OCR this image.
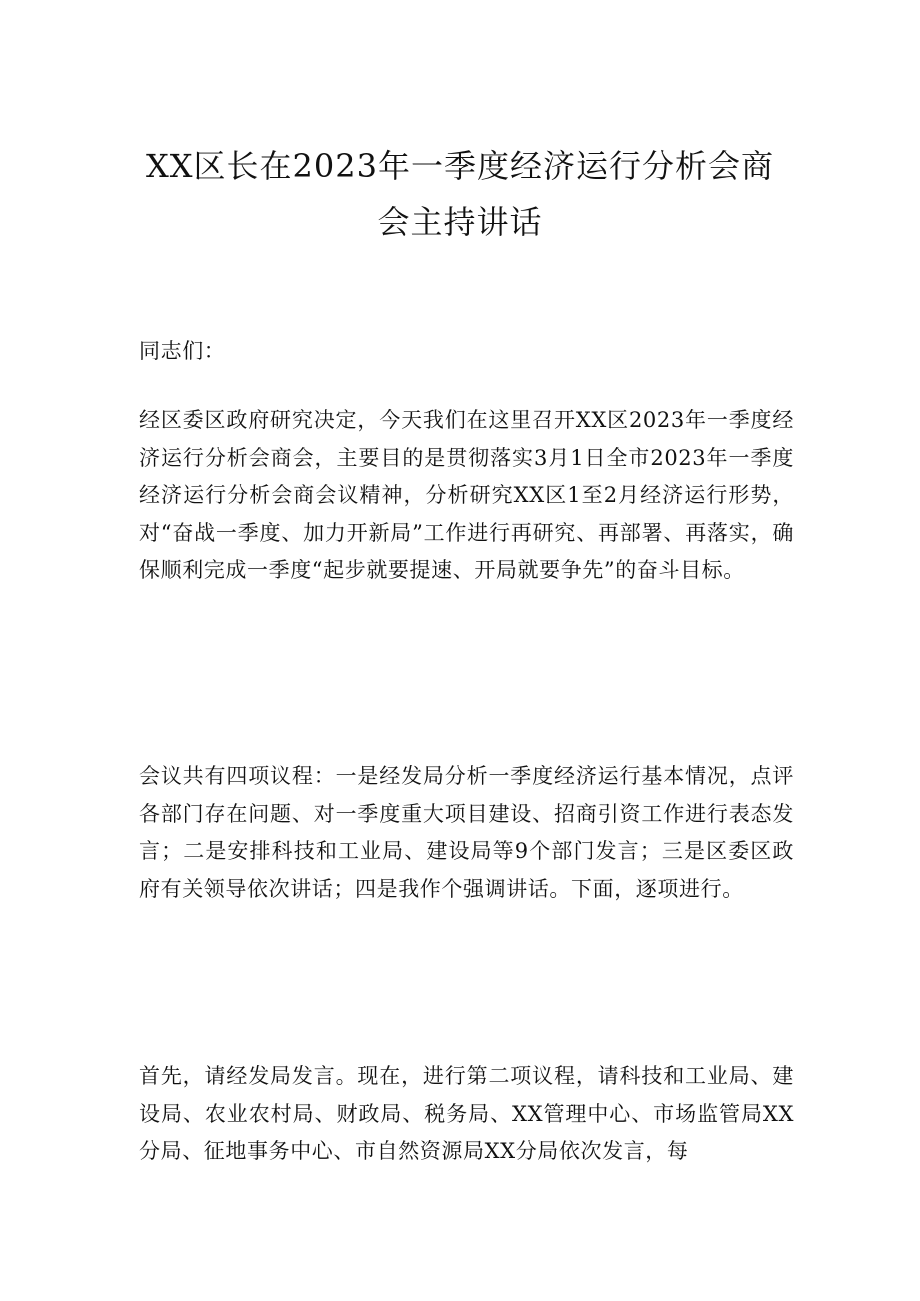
XX区长在2023年一季度经济运行分析会商
会主持讲话

同志们：

经区委区政府研究决定，今天我们在这里召开XX区2023年一季度经济运行分析会商会，主要目的是贯彻落实3月1日全市2023年一季度经济运行分析会商会议精神，分析研究XX区1至2月经济运行形势，对“奋战一季度、加力开新局”工作进行再研究、再部署、再落实，确保顺利完成一季度“起步就要提速、开局就要争先”的奋斗目标。

会议共有四项议程：一是经发局分析一季度经济运行基本情况，点评各部门存在问题、对一季度重大项目建设、招商引资工作进行表态发言；二是安排科技和工业局、建设局等9个部门发言；三是区委区政府有关领导依次讲话；四是我作个强调讲话。下面，逐项进行。

首先，请经发局发言。现在，进行第二项议程，请科技和工业局、建设局、农业农村局、财政局、税务局、XX管理中心、市场监管局XX分局、征地事务中心、市自然资源局XX分局依次发言，每
